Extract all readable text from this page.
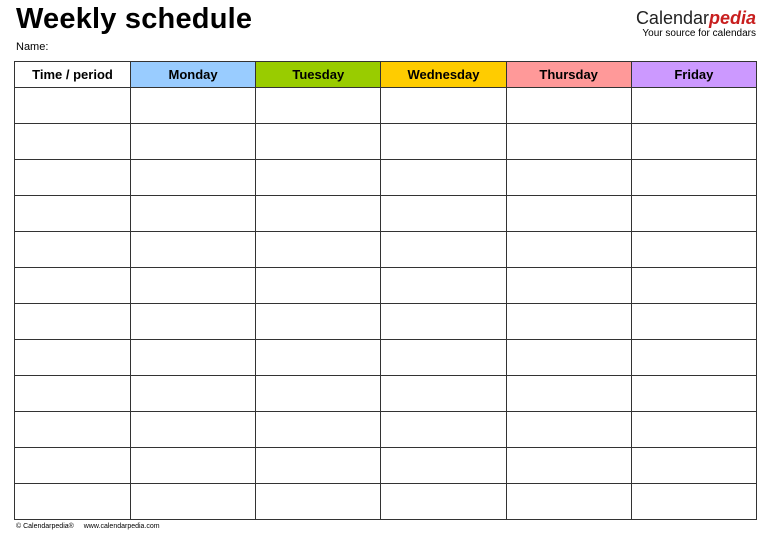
Weekly schedule
Name:
Calendarpedia
Your source for calendars
Time / period	Monday	Tuesday	Wednesday	Thursday	Friday

© Calendarpedia® www.calendarpedia.com
